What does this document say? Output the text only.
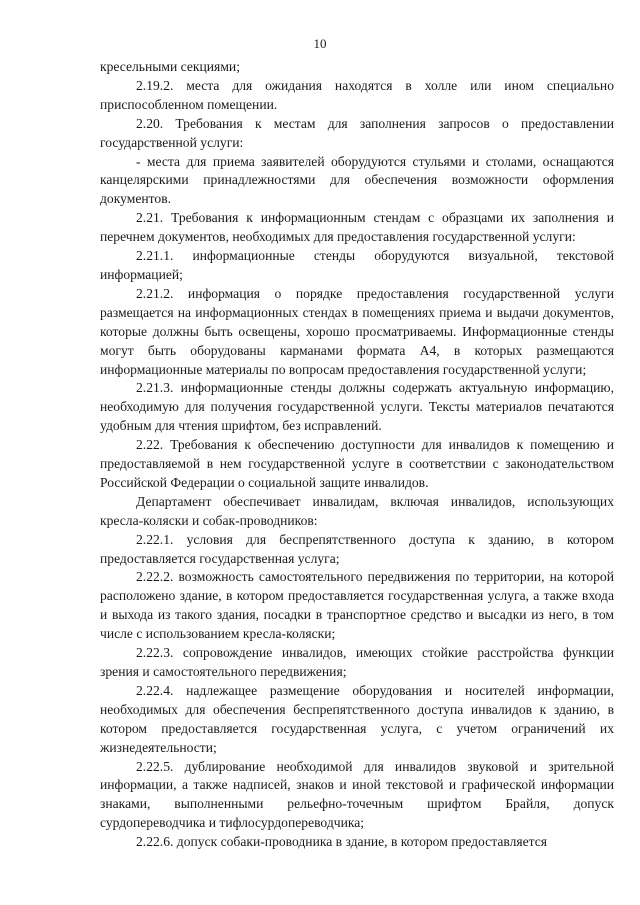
10

кресельными секциями;

2.19.2. места для ожидания находятся в холле или ином специально приспособленном помещении.

2.20. Требования к местам для заполнения запросов о предоставлении государственной услуги:

- места для приема заявителей оборудуются стульями и столами, оснащаются канцелярскими принадлежностями для обеспечения возможности оформления документов.

2.21. Требования к информационным стендам с образцами их заполнения и перечнем документов, необходимых для предоставления государственной услуги:

2.21.1. информационные стенды оборудуются визуальной, текстовой информацией;

2.21.2. информация о порядке предоставления государственной услуги размещается на информационных стендах в помещениях приема и выдачи документов, которые должны быть освещены, хорошо просматриваемы. Информационные стенды могут быть оборудованы карманами формата А4, в которых размещаются информационные материалы по вопросам предоставления государственной услуги;

2.21.3. информационные стенды должны содержать актуальную информацию, необходимую для получения государственной услуги. Тексты материалов печатаются удобным для чтения шрифтом, без исправлений.

2.22. Требования к обеспечению доступности для инвалидов к помещению и предоставляемой в нем государственной услуге в соответствии с законодательством Российской Федерации о социальной защите инвалидов.

Департамент обеспечивает инвалидам, включая инвалидов, использующих кресла-коляски и собак-проводников:

2.22.1. условия для беспрепятственного доступа к зданию, в котором предоставляется государственная услуга;

2.22.2. возможность самостоятельного передвижения по территории, на которой расположено здание, в котором предоставляется государственная услуга, а также входа и выхода из такого здания, посадки в транспортное средство и высадки из него, в том числе с использованием кресла-коляски;

2.22.3. сопровождение инвалидов, имеющих стойкие расстройства функции зрения и самостоятельного передвижения;

2.22.4. надлежащее размещение оборудования и носителей информации, необходимых для обеспечения беспрепятственного доступа инвалидов к зданию, в котором предоставляется государственная услуга, с учетом ограничений их жизнедеятельности;

2.22.5. дублирование необходимой для инвалидов звуковой и зрительной информации, а также надписей, знаков и иной текстовой и графической информации знаками, выполненными рельефно-точечным шрифтом Брайля, допуск сурдопереводчика и тифлосурдопереводчика;

2.22.6. допуск собаки-проводника в здание, в котором предоставляется
